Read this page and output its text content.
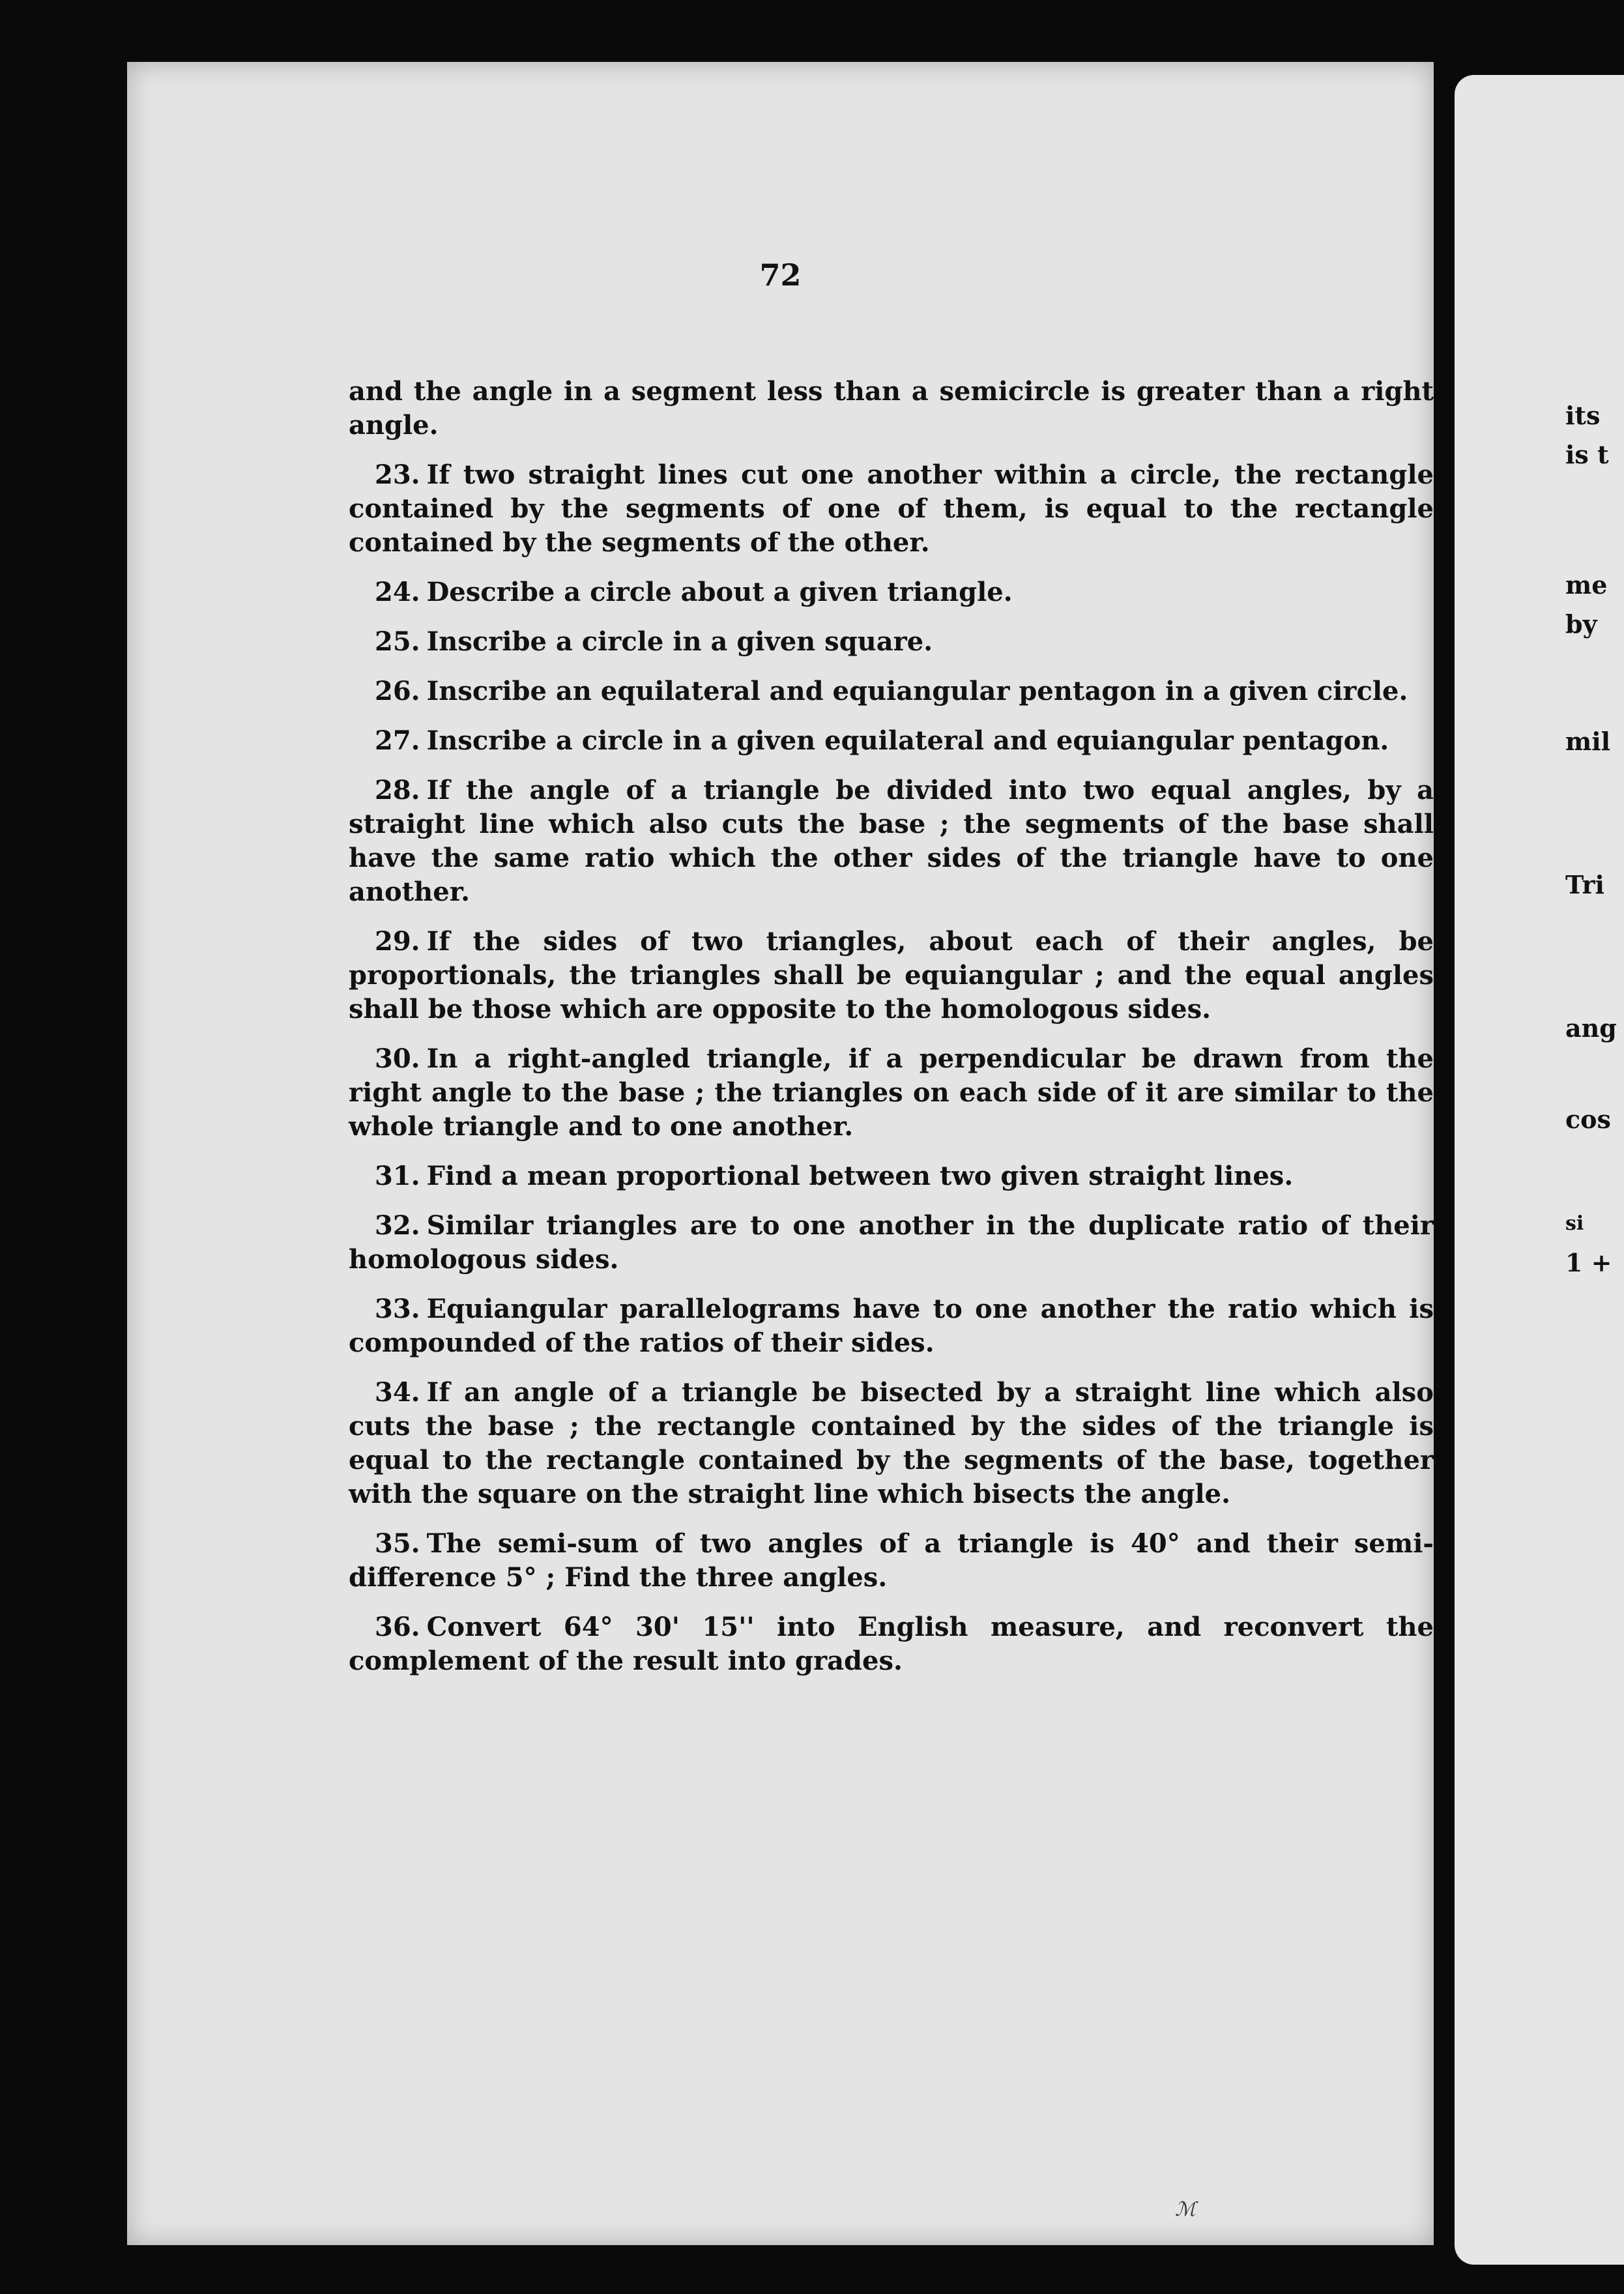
72

and the angle in a segment less than a semicircle is greater than a right angle.

23. If two straight lines cut one another within a circle, the rectangle contained by the segments of one of them, is equal to the rectangle contained by the segments of the other.

24. Describe a circle about a given triangle.

25. Inscribe a circle in a given square.

26. Inscribe an equilateral and equiangular pentagon in a given circle.

27. Inscribe a circle in a given equilateral and equiangular pentagon.

28. If the angle of a triangle be divided into two equal angles, by a straight line which also cuts the base ; the segments of the base shall have the same ratio which the other sides of the triangle have to one another.

29. If the sides of two triangles, about each of their angles, be proportionals, the triangles shall be equiangular ; and the equal angles shall be those which are opposite to the homologous sides.

30. In a right-angled triangle, if a perpendicular be drawn from the right angle to the base ; the triangles on each side of it are similar to the whole triangle and to one another.

31. Find a mean proportional between two given straight lines.

32. Similar triangles are to one another in the duplicate ratio of their homologous sides.

33. Equiangular parallelograms have to one another the ratio which is compounded of the ratios of their sides.

34. If an angle of a triangle be bisected by a straight line which also cuts the base ; the rectangle contained by the sides of the triangle is equal to the rectangle contained by the segments of the base, together with the square on the straight line which bisects the angle.

35. The semi-sum of two angles of a triangle is 40° and their semi-difference 5° ; Find the three angles.

36. Convert 64° 30' 15'' into English measure, and reconvert the complement of the result into grades.

ℳ
its
is t
me
by
mil
Tri
ang
cos
si
1 +
